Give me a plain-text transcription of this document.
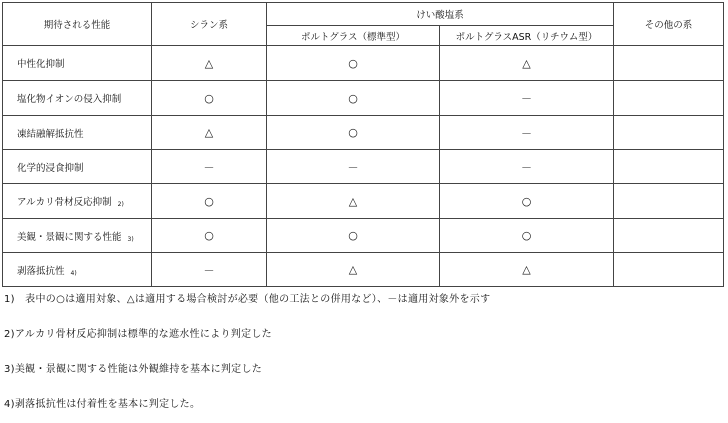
期待される性能	シラン系	けい酸塩系		その他の系
		ポルトグラス（標準型）	ポルトグラスASR（リチウム型）	
中性化抑制	△	○	△	
塩化物イオンの侵入抑制	○	○	－	
凍結融解抵抗性	△	○	－	
化学的浸食抑制	－	－	－	
アルカリ骨材反応抑制 2)	○	△	○	
美観・景観に関する性能 3)	○	○	○	
剥落抵抗性 4)	－	△	△	
1)　表中の○は適用対象、△は適用する場合検討が必要（他の工法との併用など）、－は適用対象外を示す
2)アルカリ骨材反応抑制は標準的な遮水性により判定した
3)美観・景観に関する性能は外観維持を基本に判定した
4)剥落抵抗性は付着性を基本に判定した。
